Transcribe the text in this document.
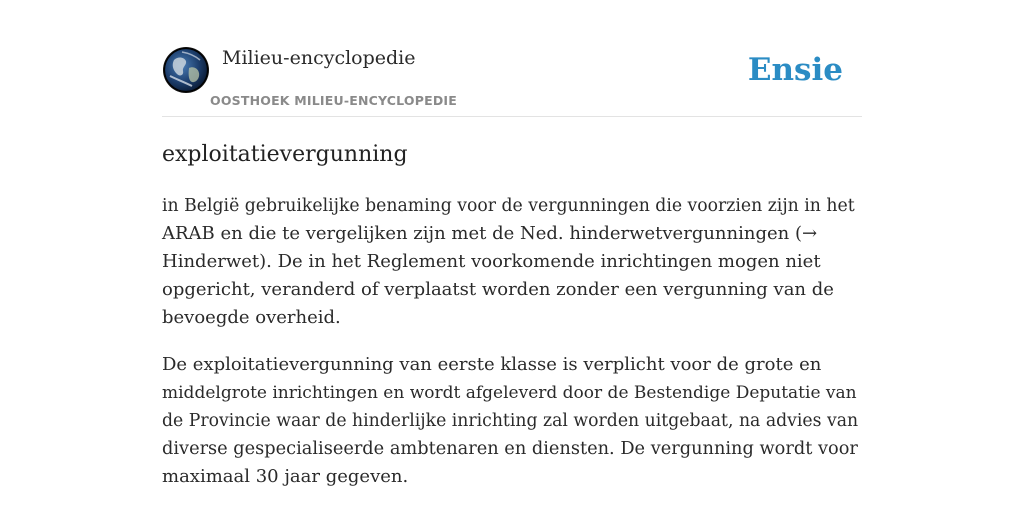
Milieu-encyclopedie
OOSTHOEK MILIEU-ENCYCLOPEDIE
Ensie
exploitatievergunning

in België gebruikelijke benaming voor de vergunningen die voorzien zijn in het
ARAB en die te vergelijken zijn met de Ned. hinderwetvergunningen (→
Hinderwet). De in het Reglement voorkomende inrichtingen mogen niet
opgericht, veranderd of verplaatst worden zonder een vergunning van de
bevoegde overheid.

De exploitatievergunning van eerste klasse is verplicht voor de grote en
middelgrote inrichtingen en wordt afgeleverd door de Bestendige Deputatie van
de Provincie waar de hinderlijke inrichting zal worden uitgebaat, na advies van
diverse gespecialiseerde ambtenaren en diensten. De vergunning wordt voor
maximaal 30 jaar gegeven.
